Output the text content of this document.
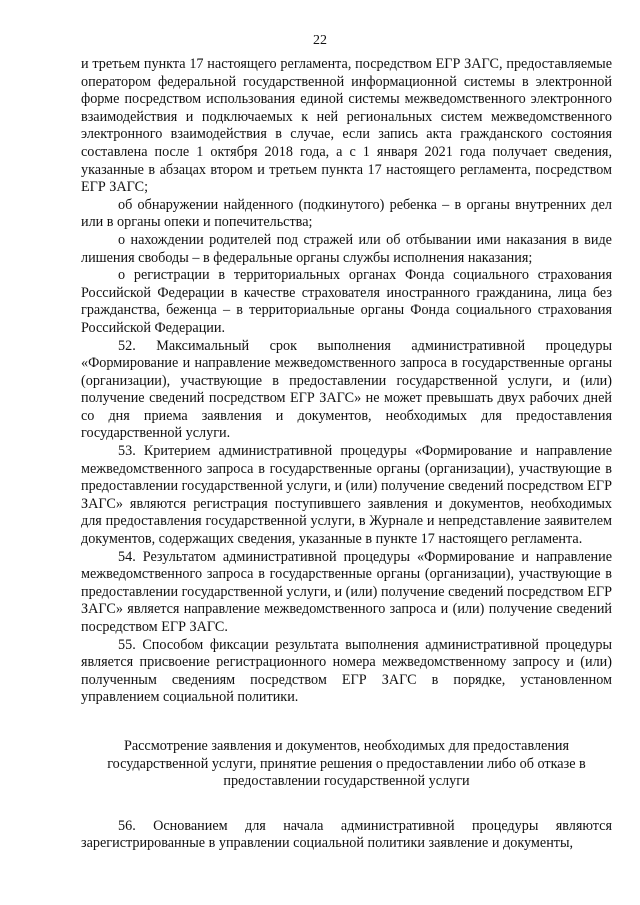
22

и третьем пункта 17 настоящего регламента, посредством ЕГР ЗАГС, предоставляемые оператором федеральной государственной информационной системы в электронной форме посредством использования единой системы межведомственного электронного взаимодействия и подключаемых к ней региональных систем межведомственного электронного взаимодействия в случае, если запись акта гражданского состояния составлена после 1 октября 2018 года, а с 1 января 2021 года получает сведения, указанные в абзацах втором и третьем пункта 17 настоящего регламента, посредством ЕГР ЗАГС;

об обнаружении найденного (подкинутого) ребенка – в органы внутренних дел или в органы опеки и попечительства;

о нахождении родителей под стражей или об отбывании ими наказания в виде лишения свободы – в федеральные органы службы исполнения наказания;

о регистрации в территориальных органах Фонда социального страхования Российской Федерации в качестве страхователя иностранного гражданина, лица без гражданства, беженца – в территориальные органы Фонда социального страхования Российской Федерации.

52. Максимальный срок выполнения административной процедуры «Формирование и направление межведомственного запроса в государственные органы (организации), участвующие в предоставлении государственной услуги, и (или) получение сведений посредством ЕГР ЗАГС» не может превышать двух рабочих дней со дня приема заявления и документов, необходимых для предоставления государственной услуги.

53. Критерием административной процедуры «Формирование и направление межведомственного запроса в государственные органы (организации), участвующие в предоставлении государственной услуги, и (или) получение сведений посредством ЕГР ЗАГС» являются регистрация поступившего заявления и документов, необходимых для предоставления государственной услуги, в Журнале и непредставление заявителем документов, содержащих сведения, указанные в пункте 17 настоящего регламента.

54. Результатом административной процедуры «Формирование и направление межведомственного запроса в государственные органы (организации), участвующие в предоставлении государственной услуги, и (или) получение сведений посредством ЕГР ЗАГС» является направление межведомственного запроса и (или) получение сведений посредством ЕГР ЗАГС.

55. Способом фиксации результата выполнения административной процедуры является присвоение регистрационного номера межведомственному запросу и (или) полученным сведениям посредством ЕГР ЗАГС в порядке, установленном управлением социальной политики.

Рассмотрение заявления и документов, необходимых для предоставления государственной услуги, принятие решения о предоставлении либо об отказе в предоставлении государственной услуги

56. Основанием для начала административной процедуры являются зарегистрированные в управлении социальной политики заявление и документы,
